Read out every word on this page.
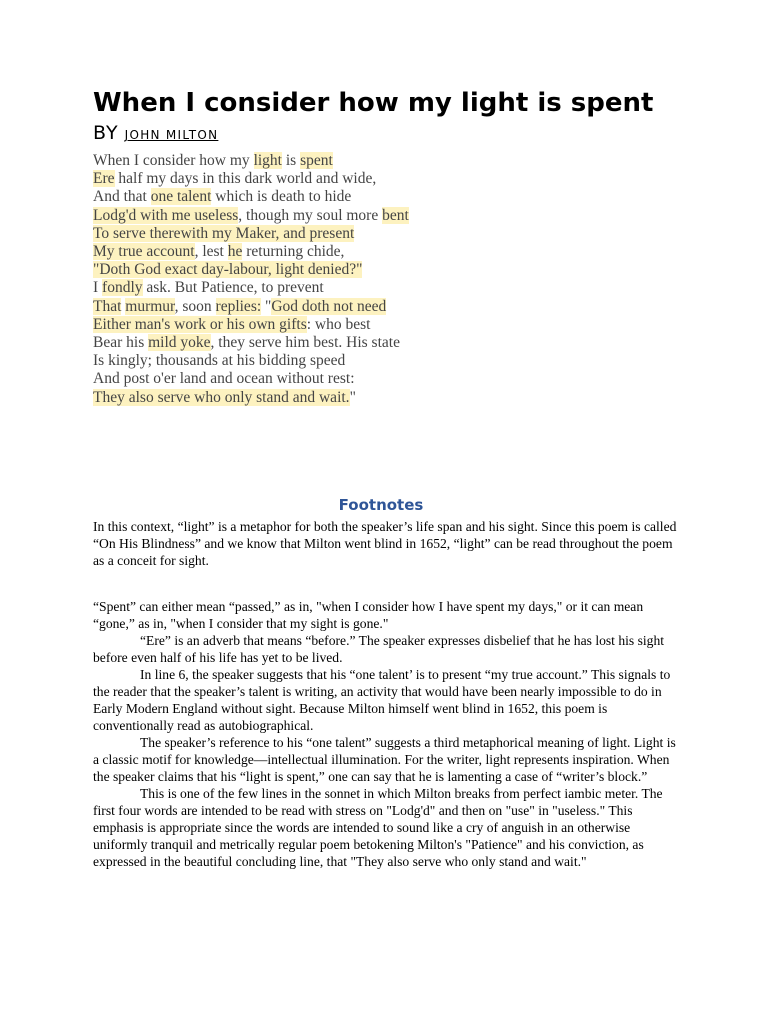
When I consider how my light is spent
BY JOHN MILTON
When I consider how my light is spent
Ere half my days in this dark world and wide,
And that one talent which is death to hide
Lodg'd with me useless, though my soul more bent
To serve therewith my Maker, and present
My true account, lest he returning chide,
"Doth God exact day-labour, light denied?"
I fondly ask. But Patience, to prevent
That murmur, soon replies: "God doth not need
Either man's work or his own gifts: who best
Bear his mild yoke, they serve him best. His state
Is kingly; thousands at his bidding speed
And post o'er land and ocean without rest:
They also serve who only stand and wait."
Footnotes

In this context, “light” is a metaphor for both the speaker’s life span and his sight. Since this poem is called “On His Blindness” and we know that Milton went blind in 1652, “light” can be read throughout the poem as a conceit for sight.

“Spent” can either mean “passed,” as in, "when I consider how I have spent my days," or it can mean “gone,” as in, "when I consider that my sight is gone."

“Ere” is an adverb that means “before.” The speaker expresses disbelief that he has lost his sight before even half of his life has yet to be lived.

In line 6, the speaker suggests that his “one talent’ is to present “my true account.” This signals to the reader that the speaker’s talent is writing, an activity that would have been nearly impossible to do in Early Modern England without sight. Because Milton himself went blind in 1652, this poem is conventionally read as autobiographical.

The speaker’s reference to his “one talent” suggests a third metaphorical meaning of light. Light is a classic motif for knowledge—intellectual illumination. For the writer, light represents inspiration. When the speaker claims that his “light is spent,” one can say that he is lamenting a case of “writer’s block.”

This is one of the few lines in the sonnet in which Milton breaks from perfect iambic meter. The first four words are intended to be read with stress on "Lodg'd" and then on "use" in "useless." This emphasis is appropriate since the words are intended to sound like a cry of anguish in an otherwise uniformly tranquil and metrically regular poem betokening Milton's "Patience" and his conviction, as expressed in the beautiful concluding line, that "They also serve who only stand and wait."
